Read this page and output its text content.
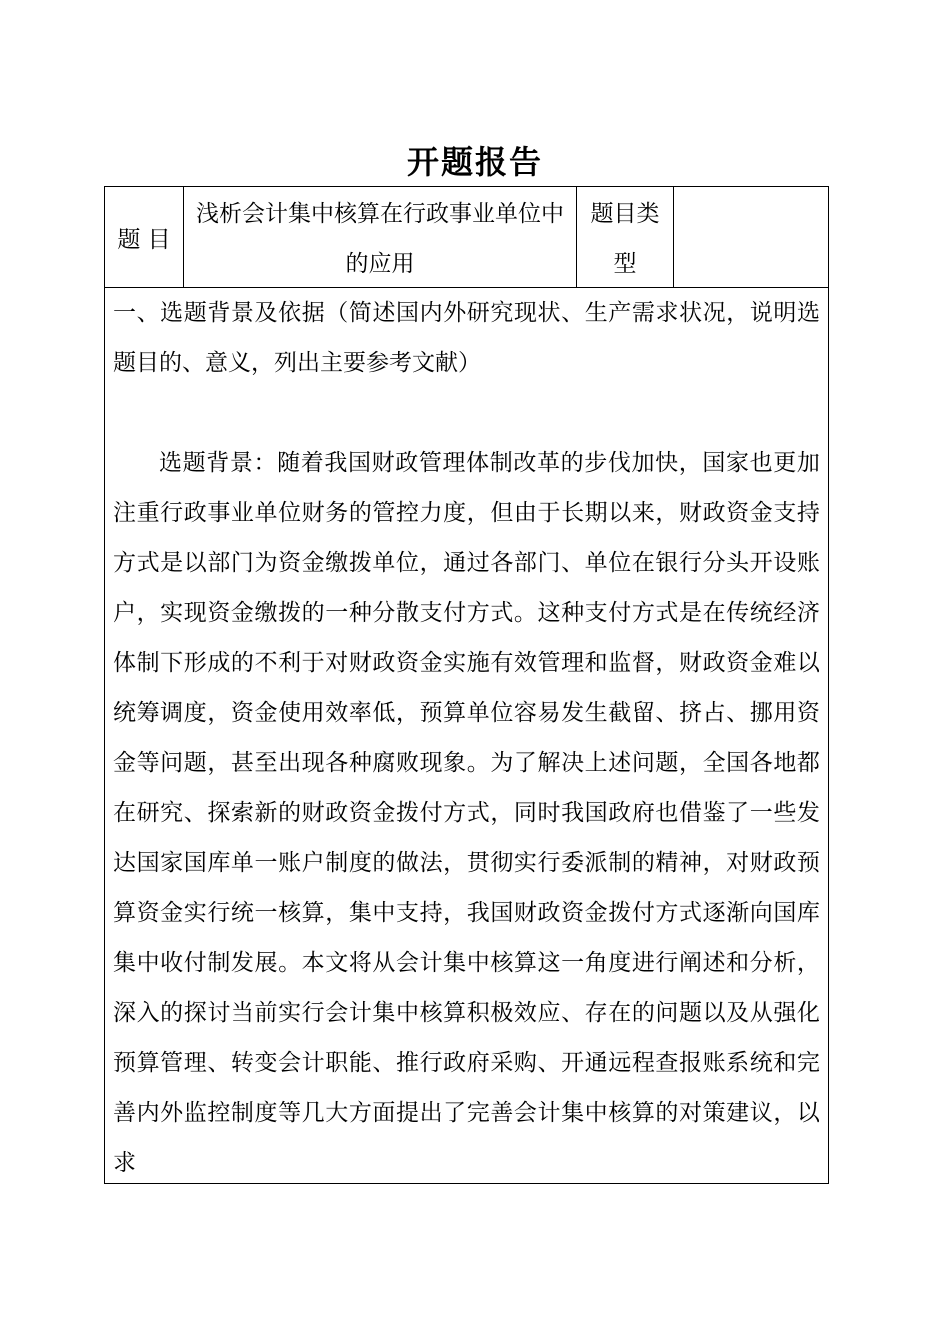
开题报告
题 目
浅析会计集中核算在行政事业单位中的应用
题目类型

一、选题背景及依据（简述国内外研究现状、生产需求状况，说明选题目的、意义，列出主要参考文献）

选题背景：随着我国财政管理体制改革的步伐加快，国家也更加注重行政事业单位财务的管控力度，但由于长期以来，财政资金支持方式是以部门为资金缴拨单位，通过各部门、单位在银行分头开设账户，实现资金缴拨的一种分散支付方式。这种支付方式是在传统经济体制下形成的不利于对财政资金实施有效管理和监督，财政资金难以统筹调度，资金使用效率低，预算单位容易发生截留、挤占、挪用资金等问题，甚至出现各种腐败现象。为了解决上述问题，全国各地都在研究、探索新的财政资金拨付方式，同时我国政府也借鉴了一些发达国家国库单一账户制度的做法，贯彻实行委派制的精神，对财政预算资金实行统一核算，集中支持，我国财政资金拨付方式逐渐向国库集中收付制发展。本文将从会计集中核算这一角度进行阐述和分析，深入的探讨当前实行会计集中核算积极效应、存在的问题以及从强化预算管理、转变会计职能、推行政府采购、开通远程查报账系统和完善内外监控制度等几大方面提出了完善会计集中核算的对策建议，以求
